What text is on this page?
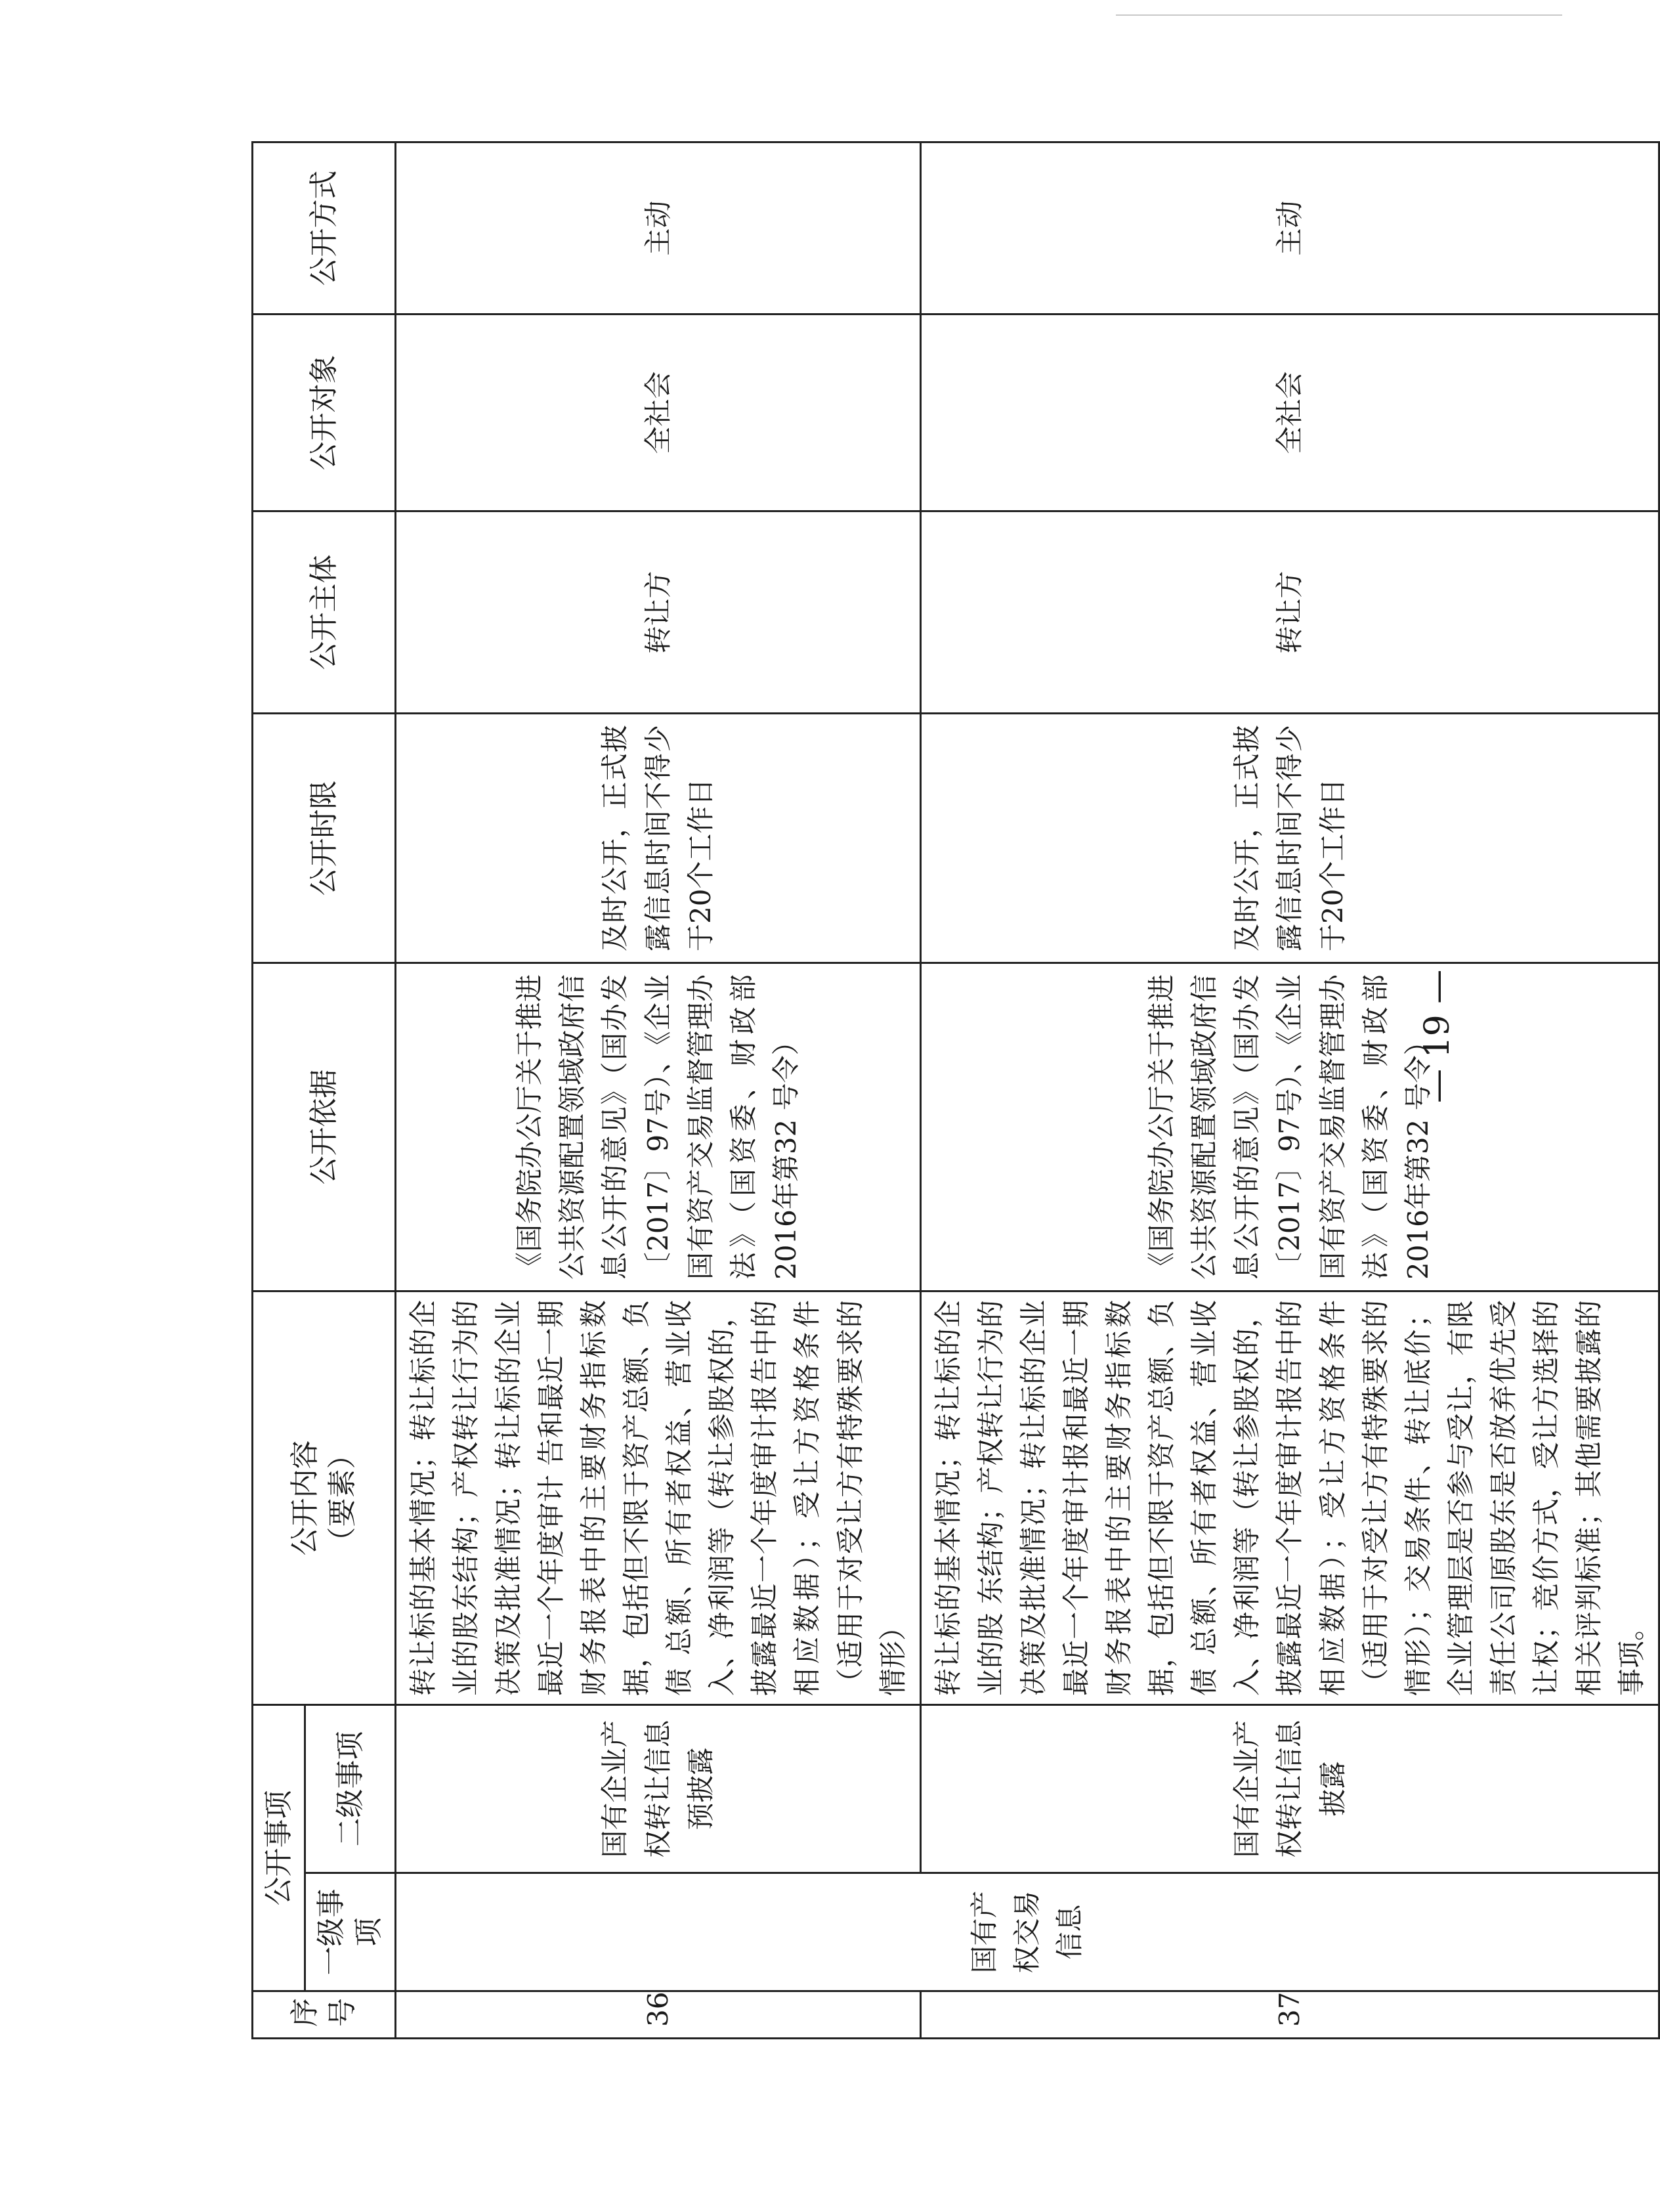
序号	公开事项		公开内容 （要素）	公开依据	公开时限	公开主体	公开对象	公开方式
	一级事项	二级事项						
36	国有产权交易信息	国有企业产权转让信息预披露	转让标的基本情况；转让标的企业的股东结构；产权转让行为的决策及批准情况；转让标的企业最近一个年度审计 告和最近一期财务报表中的主要财务指标数据，包括但不限于资产总额、负债 总额、所有者权益、营业收入、净利润等（转让参股权的，披露最近一个年度审计报告中的相应数据）；受让方资格条件（适用于对受让方有特殊要求的情形）	《国务院办公厅关于推进公共资源配置领域政府信息公开的意见》（国办发〔2017〕97号）、《企业国有资产交易监督管理办法》（国资委、财政部2016年第32 号令）	及时公开，正式披露信息时间不得少于20个工作日	转让方	全社会	主动
37		国有企业产权转让信息披露	转让标的基本情况；转让标的企业的股 东结构；产权转让行为的决策及批准情况；转让标的企业最近一个年度审计报和最近一期财务报表中的主要财务指标数据，包括但不限于资产总额、负债 总额、所有者权益、营业收入、净利润等（转让参股权的，披露最近一个年度审计报告中的相应数据）；受让方资格条件（适用于对受让方有特殊要求的情形）；交易条件、转让底价；企业管理层是否参与受让，有限责任公司原股东是否放弃优先受让权；竞价方式，受让方选择的相关评判标准；其他需要披露的事项。	《国务院办公厅关于推进公共资源配置领域政府信息公开的意见》（国办发〔2017〕97号）、《企业国有资产交易监督管理办法》（国资委、财政部2016年第32 号令）	及时公开，正式披露信息时间不得少于20个工作日	转让方	全社会	主动
— 19 —
